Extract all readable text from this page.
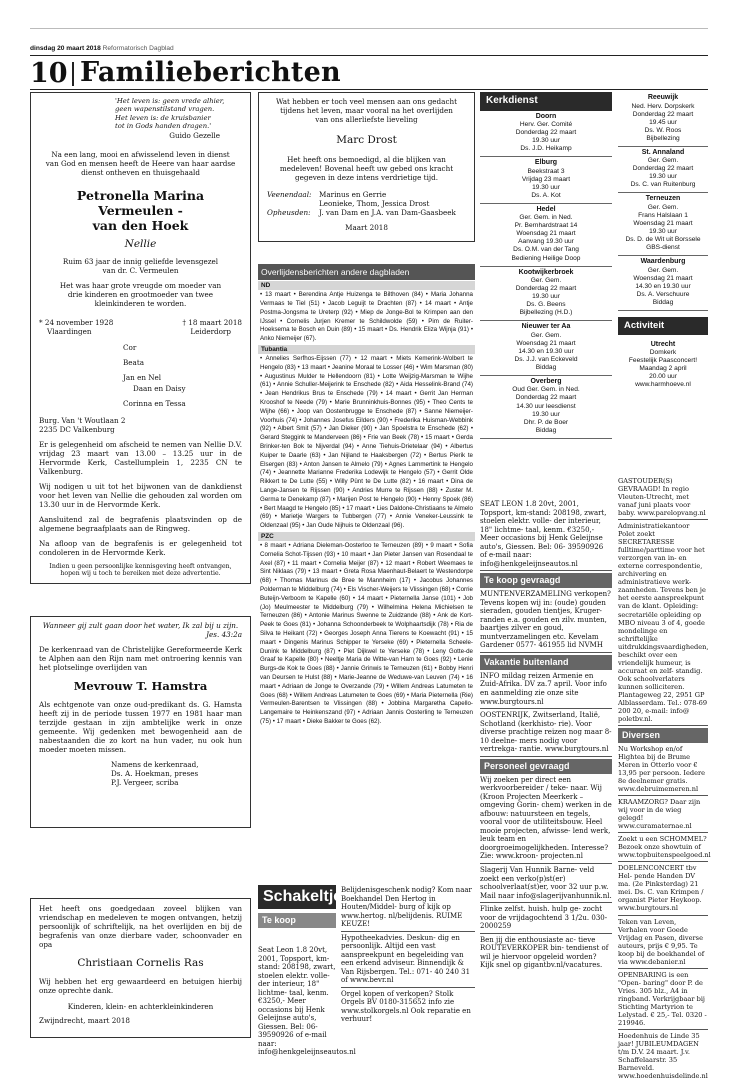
dinsdag 20 maart 2018 Reformatorisch Dagblad
10 Familieberichten
'Het leven is: geen vrede alhier,
geen wapenstilstand vragen.
Het leven is: de kruisbanier
tot in Gods handen dragen.'
Guido Gezelle
Na een lang, mooi en afwisselend leven in dienst
van God en mensen heeft de Heere van haar aardse
dienst ontheven en thuisgehaald
Petronella Marina Vermeulen -
van den Hoek
Nellie
Ruim 63 jaar de innig geliefde levensgezel
van dr. C. Vermeulen
Het was haar grote vreugde om moeder van
drie kinderen en grootmoeder van twee
kleinkinderen te worden.
* 24 november 1928
Vlaardingen
† 18 maart 2018
Leiderdorp
Cor
Beata
Jan en Nel
Daan en Daisy
Corinna en Tessa
Burg. Van 't Woutlaan 2
2235 DC Valkenburg
Er is gelegenheid om afscheid te nemen van Nellie D.V. vrijdag 23 maart van 13.00 – 13.25 uur in de Hervormde Kerk, Castellumplein 1, 2235 CN te Valkenburg.
Wij nodigen u uit tot het bijwonen van de dankdienst voor het leven van Nellie die gehouden zal worden om 13.30 uur in de Hervormde Kerk.
Aansluitend zal de begrafenis plaatsvinden op de algemene begraafplaats aan de Ringweg.
Na afloop van de begrafenis is er gelegenheid tot condoleren in de Hervormde Kerk.
Indien u geen persoonlijke kennisgeving heeft ontvangen, hopen wij u toch te bereiken met deze advertentie.
Wanneer gij zult gaan door het water, Ik zal bij u zijn.
Jes. 43:2a
De kerkenraad van de Christelijke Gereformeerde Kerk te Alphen aan den Rijn nam met ontroering kennis van het plotselinge overlijden van
Mevrouw T. Hamstra
Als echtgenote van onze oud-predikant ds. G. Hamsta heeft zij in de periode tussen 1977 en 1981 haar man terzijde gestaan in zijn ambtelijke werk in onze gemeente. Wij gedenken met bewogenheid aan de nabestaanden die zo kort na hun vader, nu ook hun moeder moeten missen.
Namens de kerkenraad,
Ds. A. Hoekman, preses
P.J. Vergeer, scriba
Het heeft ons goedgedaan zoveel blijken van vriendschap en medeleven te mogen ontvangen, hetzij persoonlijk of schriftelijk, na het overlijden en bij de begrafenis van onze dierbare vader, schoonvader en opa
Christiaan Cornelis Ras
Wij hebben het erg gewaardeerd en betuigen hierbij onze oprechte dank.
Kinderen, klein- en achterkleinkinderen
Zwijndrecht, maart 2018
Wat hebben er toch veel mensen aan ons gedacht
tijdens het leven, maar vooral na het overlijden
van ons allerliefste lieveling
Marc Drost
Het heeft ons bemoedigd, al die blijken van
medeleven! Bovenal heeft uw gebed ons kracht
gegeven in deze intens verdrietige tijd.
Veenendaal:	Marinus en Gerrie
Leonieke, Thom, Jessica Drost
Opheusden:	J. van Dam en J.A. van Dam-Gaasbeek
Maart 2018
Overlijdensberichten andere dagbladen
ND
• 13 maart • Berendina Antje Huizenga te Bilthoven (84) • Maria Johanna Vermaas te Tiel (51) • Jacob Leguijt te Drachten (87) • 14 maart • Antje Postma-Jongsma te Ureterp (92) • Miep de Jonge-Bol te Krimpen aan den IJssel • Cornelis Jurjen Kremer te Schildwolde (59) • Pim de Ruiter-Hoeksema te Bosch en Duin (89) • 15 maart • Ds. Hendrik Eliza Wijnja (91) • Anko Niemeijer (67).
Tubantia
• Annelies Serfhos-Eijssen (77) • 12 maart • Miets Kemerink-Wolbert te Hengelo (83) • 13 maart • Jeanine Moraal te Losser (46) • Wim Marsman (80) • Augustinus Mulder te Hellendoorn (81) • Lotte Weijzig-Marsman te Wijhe (61) • Annie Schuller-Meijerink te Enschede (82) • Aida Hesselink-Brand (74) • Jean Hendrikus Brus te Enschede (79) • 14 maart • Gerrit Jan Herman Krooshof te Neede (79) • Marie Brunninkhuis-Bonnes (95) • Theo Cents te Wijhe (66) • Joop van Oostenbrugge te Enschede (87) • Sanne Niemeijer-Voorhuis (74) • Johannes Josefus Eilders (90) • Frederika Huisman-Webbink (92) • Albert Smit (57) • Jan Dieker (90) • Jan Spoelstra te Enschede (62) • Gerard Steggink te Manderveen (86) • Frie van Beek (78) • 15 maart • Gerda Brinker-ten Bok te Nijverdal (94) • Anne Tiehuis-Drietelaar (94) • Albertus Kuiper te Daarle (63) • Jan Nijland te Haaksbergen (72) • Bertus Pierik te Elsergen (83) • Anton Jansen te Almelo (79) • Agnes Lammertink te Hengelo (74) • Jeannette Marianne Frederika Lodewijk te Hengelo (57) • Gerrit Olde Rikkert te De Lutte (55) • Willy Pünt te De Lutte (82) • 16 maart • Dina de Lange-Jansen te Rijssen (90) • Andries Murre te Rijssen (88) • Zuster M. Germa te Denekamp (87) • Marijen Post te Hengelo (90) • Henny Spoek (86) • Bert Maagd te Hengelo (85) • 17 maart • Lies Daldone-Christiaans te Almelo (69) • Marietje Wargers te Tubbergen (77) • Annie Veneker-Leussink te Oldenzaal (95) • Jan Oude Nijhuis te Oldenzaal (96).
PZC
• 8 maart • Adriana Dieleman-Oosterloo te Terneuzen (89) • 9 maart • Sofia Cornelia Schot-Tijssen (93) • 10 maart • Jan Pieter Jansen van Rosendaal te Axel (87) • 11 maart • Cornelia Meijer (87) • 12 maart • Robert Weemaes te Sint Niklaas (79) • 13 maart • Greta Rosa Maenhaut-Belaert te Westendorpe (68) • Thomas Marinus de Bree te Mannheim (17) • Jacobus Johannes Polderman te Middelburg (74) • Els Vischer-Weijers te Vlissingen (68) • Corrie Buteijn-Verboom te Kapelle (60) • 14 maart • Pieternella Janse (101) • Job (Jo) Meulmeester te Middelburg (79) • Wilhelmina Helena Michielsen te Terneuzen (86) • Antonie Marinus Swenne te Zuidzande (88) • Ank de Kort-Peek te Goes (81) • Johanna Schoonderbeek te Wolphaartsdijk (78) • Ria de Silva te Heikant (72) • Georges Joseph Anna Tierens te Koewacht (91) • 15 maart • Dingenis Marinus Schipper te Yerseke (69) • Pieternella Scheele-Dunink te Middelburg (87) • Piet Dijkwel te Yerseke (78) • Leny Gotte-de Graaf te Kapelle (80) • Neeltje Maria de Witte-van Harn te Goes (92) • Lenie Burgs-de Kok te Goes (88) • Jannie Grinwis te Terneuzen (61) • Bobby Henri van Deursen te Hulst (88) • Marie-Jeanne de Weduwe-van Leuven (74) • 16 maart • Adriaan de Jonge te Overzande (79) • Willem Andreas Latumeten te Goes (68) • Willem Andreas Latumeten te Goes (69) • Maria Pieternella (Rie) Vermeulen-Barentsen te Vlissingen (88) • Jobbina Margaretha Capello-Langemaire te Heinkenszand (97) • Adriaan Jannis Oosterling te Terneuzen (75) • 17 maart • Dieke Bakker te Goes (62).
Schakeltjes
Te koop
Seat Leon 1.8 20vt, 2001, Topsport, km-stand: 208198, zwart, stoelen elektr. volle- der interieur, 18" lichtme- taal, kenm. €3250,- Meer occasions bij Henk Geleijnse auto's, Giessen. Bel: 06- 39590926 of e-mail naar: info@henkgeleijnseautos.nl
Belijdenisgeschenk nodig? Kom naar Boekhandel Den Hertog in Houten/Middel- burg of kijk op www.hertog. nl/belijdenis. RUIME KEUZE!
Hypotheekadvies. Deskun- dig en persoonlijk. Altijd een vast aanspreekpunt en begeleiding van een erkend adviseur. Binnendijk & Van Rijsbergen. Tel.: 071- 40 240 31 of www.bevr.nl
Orgel kopen of verkopen? Stolk Orgels BV 0180-315652 info zie www.stolkorgels.nl Ook reparatie en verhuur!
Kerkdienst
Doorn
Herv. Ger. Comité
Donderdag 22 maart
19.30 uur
Ds. J.D. Heikamp
Elburg
Beekstraat 3
Vrijdag 23 maart
19.30 uur
Ds. A. Kot
Hedel
Ger. Gem. in Ned.
Pr. Bernhardstraat 14
Woensdag 21 maart
Aanvang 19.30 uur
Ds. O.M. van der Tang
Bediening Heilige Doop
Kootwijkerbroek
Ger. Gem.
Donderdag 22 maart
19.30 uur
Ds. G. Beens
Bijbellezing (H.D.)
Nieuwer ter Aa
Ger. Gem.
Woensdag 21 maart
14.30 en 19.30 uur
Ds. J.J. van Eckeveld
Biddag
Overberg
Oud Ger. Gem. in Ned.
Donderdag 22 maart
14.30 uur leesdienst
19.30 uur
Dhr. P. de Boer
Biddag
Reeuwijk
Ned. Herv. Dorpskerk
Donderdag 22 maart
19.45 uur
Ds. W. Roos
Bijbellezing
St. Annaland
Ger. Gem.
Donderdag 22 maart
19.30 uur
Ds. C. van Ruitenburg
Terneuzen
Ger. Gem.
Frans Halslaan 1
Woensdag 21 maart
19.30 uur
Ds. D. de Wit uit Borssele
GBS-dienst
Waardenburg
Ger. Gem.
Woensdag 21 maart
14.30 en 19.30 uur
Ds. A. Verschuure
Biddag
Activiteit
Utrecht
Domkerk
Feestelijk Paasconcert!
Maandag 2 april
20.00 uur
www.harmhoeve.nl
SEAT LEON 1.8 20vt, 2001, Topsport, km-stand: 208198, zwart, stoelen elektr. volle- der interieur, 18" lichtme- taal, kenm. €3250,- Meer occasions bij Henk Geleijnse auto's, Giessen. Bel: 06- 39590926 of e-mail naar: info@henkgeleijnseautos.nl
Te koop gevraagd
MUNTENVERZAMELING verkopen? Tevens kopen wij in: (oude) gouden sieraden, gouden tientjes, Kruger- randen e.a. gouden en zilv. munten, baartjes zilver en goud, muntverzamelingen etc. Kevelam Gardener 0577- 461955 lid NVMH
Vakantie buitenland
INFO mildag reizen Armenie en Zuid-Afrika. DV za.7 april. Voor info en aanmelding zie onze site www.burgtours.nl
OOSTENRIJK, Zwitserland, Italië, Schotland (kerkhisto- rie). Voor diverse prachtige reizen nog maar 8-10 deelne- mers nodig voor vertrekga- rantie. www.burgtours.nl
Personeel gevraagd
Wij zoeken per direct een werkvoorbereider / teke- naar. Wij (Kroon Projecten Meerkerk – omgeving Gorin- chem) werken in de afbouw: natuursteen en tegels, vooral voor de utiliteitsbouw. Heel mooie projecten, afwisse- lend werk, leuk team en doorgroeimogelijkheden. Interesse? Zie: www.kroon- projecten.nl
Slagerij Van Hunnik Barne- veld zoekt een verko(p)st(er) schoolverlaat(st)er, voor 32 uur p.w. Mail naar info@slagerijvanhunnik.nl.
Flinke zelfst. huish. hulp ge- zocht voor de vrijdagochtend 3 1/2u. 030-2000259
Ben jij die enthousiaste ac- tieve ROUTEVERKOPER bin- tendienst of wil je hiervoor opgeleid worden? Kijk snel op gigantbv.nl/vacatures.
GASTOUDER(S) GEVRAAGD! In regio Vleuten-Utrecht, met vanaf juni plaats voor baby. www.parelopvang.nl
Administratiekantoor Polet zoekt SECRETARESSE fulltime/parttime voor het verzorgen van in- en externe correspondentie, archivering en administratieve werk- zaamheden. Tevens ben je het eerste aanspreekpunt van de klant. Opleiding: secretariële opleiding op MBO niveau 3 of 4, goede mondelinge en schriftelijke uitdrukkingsvaardigheden, beschikt over een vriendelijk humeur, is accuraat en zelf- standig. Ook schoolverlaters kunnen solliciteren. Plantageweg 22, 2951 GP Alblasserdam. Tel.: 078-69 200 20, e-mail: info@ poletbv.nl.
Diversen
Nu Workshop en/of Hightea bij de Brume Meren in Otterlo voor € 13,95 per persoon. Iedere 8e deelnemer gratis. www.debruimemeren.nl
KRAAMZORG? Daar zijn wij voor in de wieg gelegd! www.curamaternae.nl
Zoekt u een SCHOMMEL? Bezoek onze showtuin of www.topbuitenspeelgoed.nl
DOELENCONCERT tbv Hel- pende Handen DV ma. (2e Pinksterdag) 21 mei. Ds. C. van Krimpen / organist Pieter Heykoop. www.burgtours.nl
Teken van Leven, Verhalen voor Goede Vrijdag en Pasen, diverse auteurs, prijs € 9,95. Te koop bij de boekhandel of via www.debanier.nl
OPENBARING is een "Open- baring" door P. de Vries. 305 blz., A4 in ringband. Verkrijgbaar bij Stichting Martyrion te Lelystad. € 25,- Tel. 0320 - 219946.
Hoedenhuis de Linde 35 jaar! JUBILEUMDAGEN t/m D.V. 24 maart. J.v. Schaffelaarstr. 35 Barneveld. www.hoedenhuisdelinde.nl
